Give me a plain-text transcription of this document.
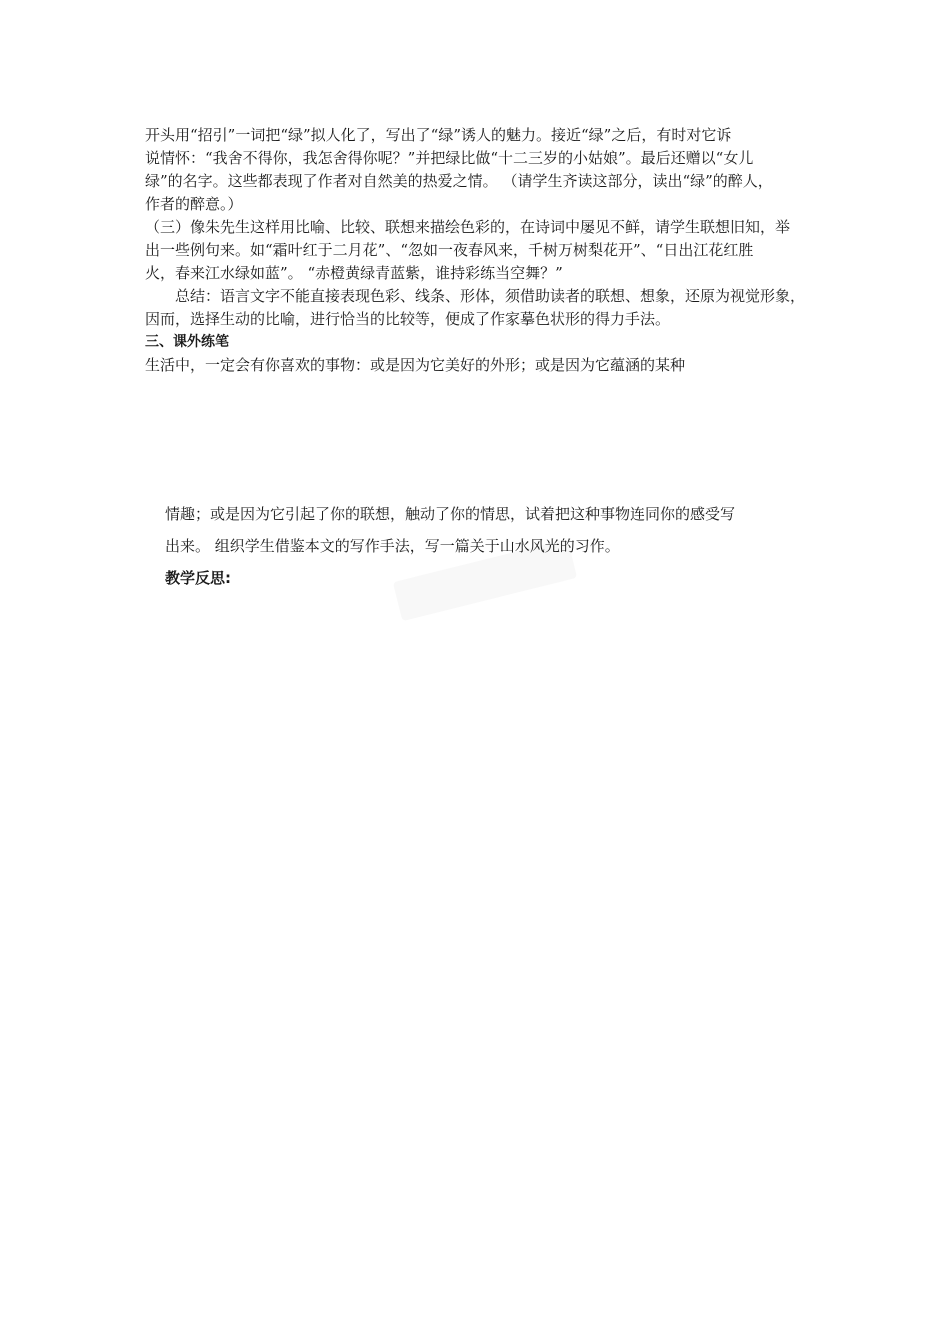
开头用“招引”一词把“绿”拟人化了，写出了“绿”诱人的魅力。接近“绿”之后，有时对它诉
说情怀：“我舍不得你，我怎舍得你呢？”并把绿比做“十二三岁的小姑娘”。最后还赠以“女儿
绿”的名字。这些都表现了作者对自然美的热爱之情。 （请学生齐读这部分，读出“绿”的醉人，
作者的醉意。）
（三）像朱先生这样用比喻、比较、联想来描绘色彩的，在诗词中屡见不鲜，请学生联想旧知，举
出一些例句来。如“霜叶红于二月花”、“忽如一夜春风来，千树万树梨花开”、“日出江花红胜
火，春来江水绿如蓝”。 “赤橙黄绿青蓝紫，谁持彩练当空舞？”
总结：语言文字不能直接表现色彩、线条、形体，须借助读者的联想、想象，还原为视觉形象，
因而，选择生动的比喻，进行恰当的比较等，便成了作家摹色状形的得力手法。
三、课外练笔
生活中，一定会有你喜欢的事物：或是因为它美好的外形；或是因为它蕴涵的某种
情趣；或是因为它引起了你的联想，触动了你的情思，试着把这种事物连同你的感受写
出来。 组织学生借鉴本文的写作手法，写一篇关于山水风光的习作。
教学反思:
